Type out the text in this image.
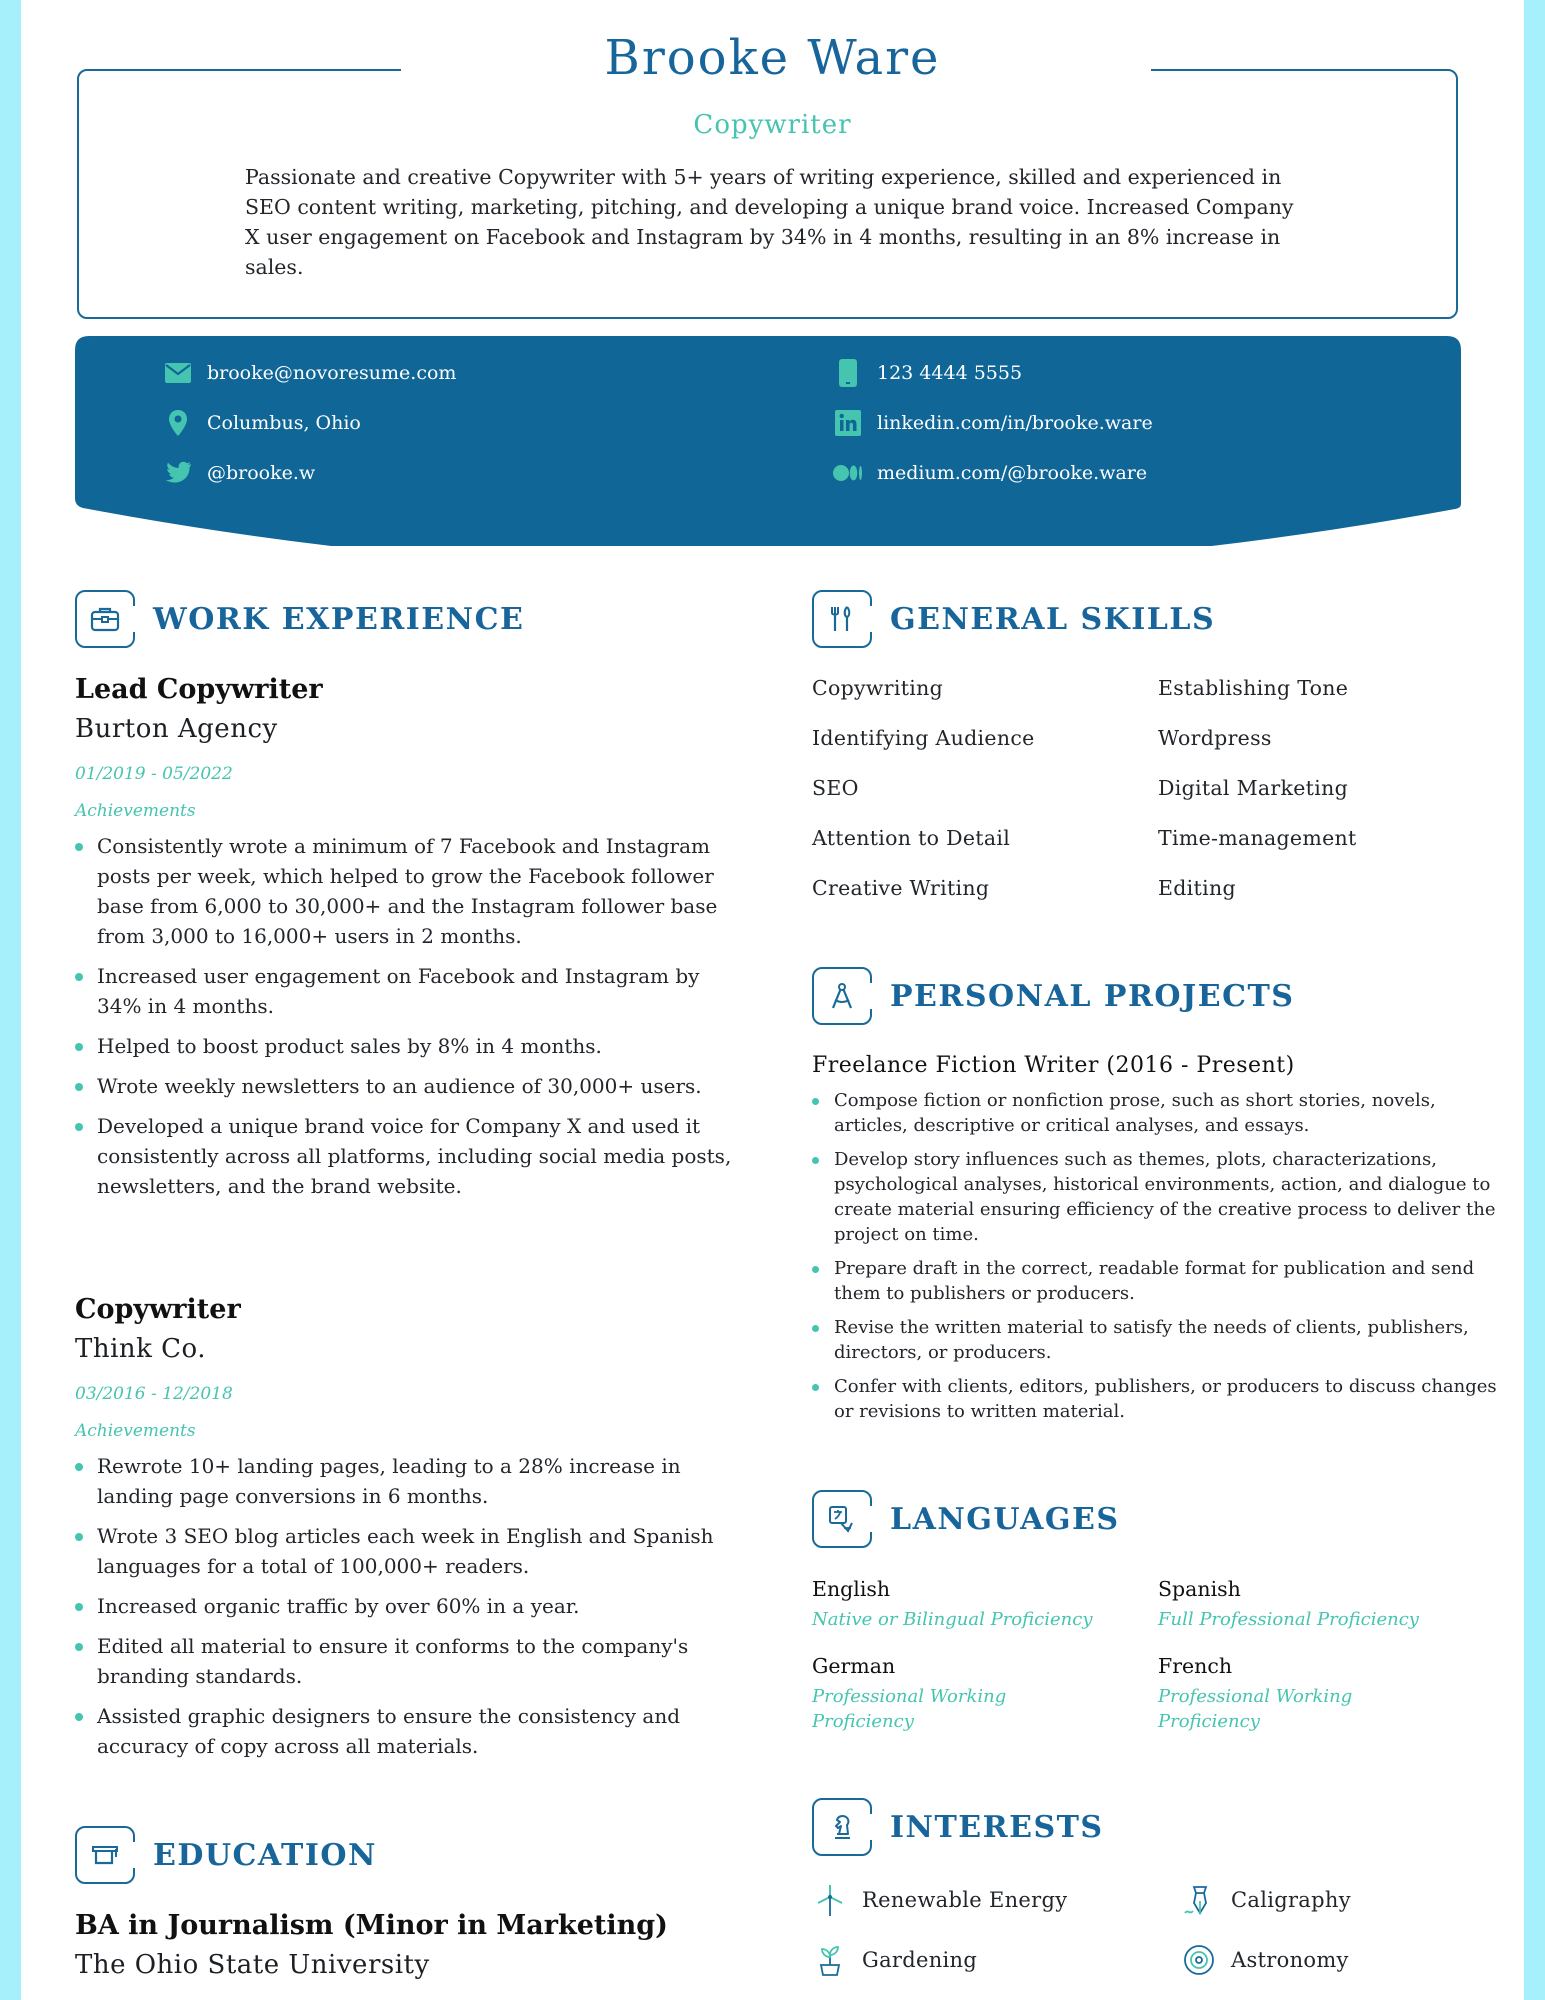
Brooke Ware
Copywriter
Passionate and creative Copywriter with 5+ years of writing experience, skilled and experienced in SEO content writing, marketing, pitching, and developing a unique brand voice. Increased Company X user engagement on Facebook and Instagram by 34% in 4 months, resulting in an 8% increase in sales.
brooke@novoresume.com
Columbus, Ohio
@brooke.w
123 4444 5555
linkedin.com/in/brooke.ware
medium.com/@brooke.ware
WORK EXPERIENCE
Lead Copywriter
Burton Agency
01/2019 - 05/2022
Achievements
Consistently wrote a minimum of 7 Facebook and Instagram posts per week, which helped to grow the Facebook follower base from 6,000 to 30,000+ and the Instagram follower base from 3,000 to 16,000+ users in 2 months.
Increased user engagement on Facebook and Instagram by 34% in 4 months.
Helped to boost product sales by 8% in 4 months.
Wrote weekly newsletters to an audience of 30,000+ users.
Developed a unique brand voice for Company X and used it consistently across all platforms, including social media posts, newsletters, and the brand website.
Copywriter
Think Co.
03/2016 - 12/2018
Achievements
Rewrote 10+ landing pages, leading to a 28% increase in landing page conversions in 6 months.
Wrote 3 SEO blog articles each week in English and Spanish languages for a total of 100,000+ readers.
Increased organic traffic by over 60% in a year.
Edited all material to ensure it conforms to the company's branding standards.
Assisted graphic designers to ensure the consistency and accuracy of copy across all materials.
EDUCATION
BA in Journalism (Minor in Marketing)
The Ohio State University
GENERAL SKILLS
Copywriting
Identifying Audience
SEO
Attention to Detail
Creative Writing
Establishing Tone
Wordpress
Digital Marketing
Time-management
Editing
PERSONAL PROJECTS
Freelance Fiction Writer (2016 - Present)
Compose fiction or nonfiction prose, such as short stories, novels, articles, descriptive or critical analyses, and essays.
Develop story influences such as themes, plots, characterizations, psychological analyses, historical environments, action, and dialogue to create material ensuring efficiency of the creative process to deliver the project on time.
Prepare draft in the correct, readable format for publication and send them to publishers or producers.
Revise the written material to satisfy the needs of clients, publishers, directors, or producers.
Confer with clients, editors, publishers, or producers to discuss changes or revisions to written material.
LANGUAGES
English
Native or Bilingual Proficiency
Spanish
Full Professional Proficiency
German
Professional Working Proficiency
French
Professional Working Proficiency
INTERESTS
Renewable Energy	Caligraphy
Gardening	Astronomy
